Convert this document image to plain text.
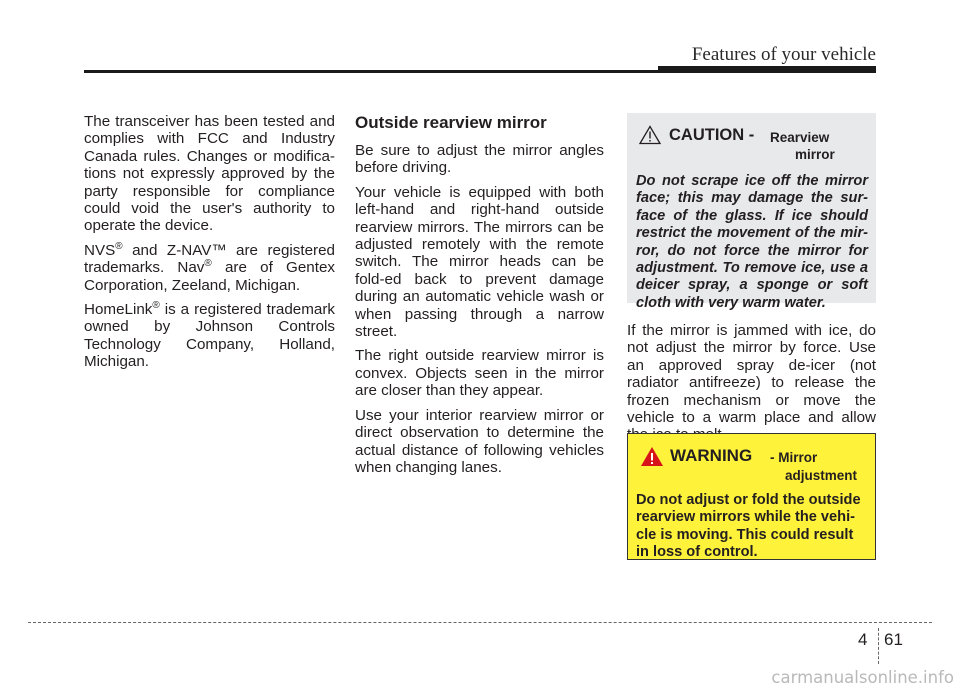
Features of your vehicle

The transceiver has been tested and complies with FCC and Industry Canada rules. Changes or modifica-tions not expressly approved by the party responsible for compliance could void the user's authority to operate the device.

NVS® and Z-NAV™ are registered trademarks. Nav® are of Gentex Corporation, Zeeland, Michigan.

HomeLink® is a registered trademark owned by Johnson Controls Technology Company, Holland, Michigan.

Outside rearview mirror

Be sure to adjust the mirror angles before driving.

Your vehicle is equipped with both left-hand and right-hand outside rearview mirrors. The mirrors can be adjusted remotely with the remote switch. The mirror heads can be fold-ed back to prevent damage during an automatic vehicle wash or when passing through a narrow street.

The right outside rearview mirror is convex. Objects seen in the mirror are closer than they appear.

Use your interior rearview mirror or direct observation to determine the actual distance of following vehicles when changing lanes.

CAUTION - Rearview
mirror

Do not scrape ice off the mirror face; this may damage the sur-face of the glass. If ice should restrict the movement of the mir-ror, do not force the mirror for adjustment. To remove ice, use a deicer spray, a sponge or soft cloth with very warm water.

If the mirror is jammed with ice, do not adjust the mirror by force. Use an approved spray de-icer (not radiator antifreeze) to release the frozen mechanism or move the vehicle to a warm place and allow

WARNING - Mirror
adjustment

Do not adjust or fold the outside rearview mirrors while the vehi-cle is moving. This could result in loss of control.

4 61
carmanualsonline.info
